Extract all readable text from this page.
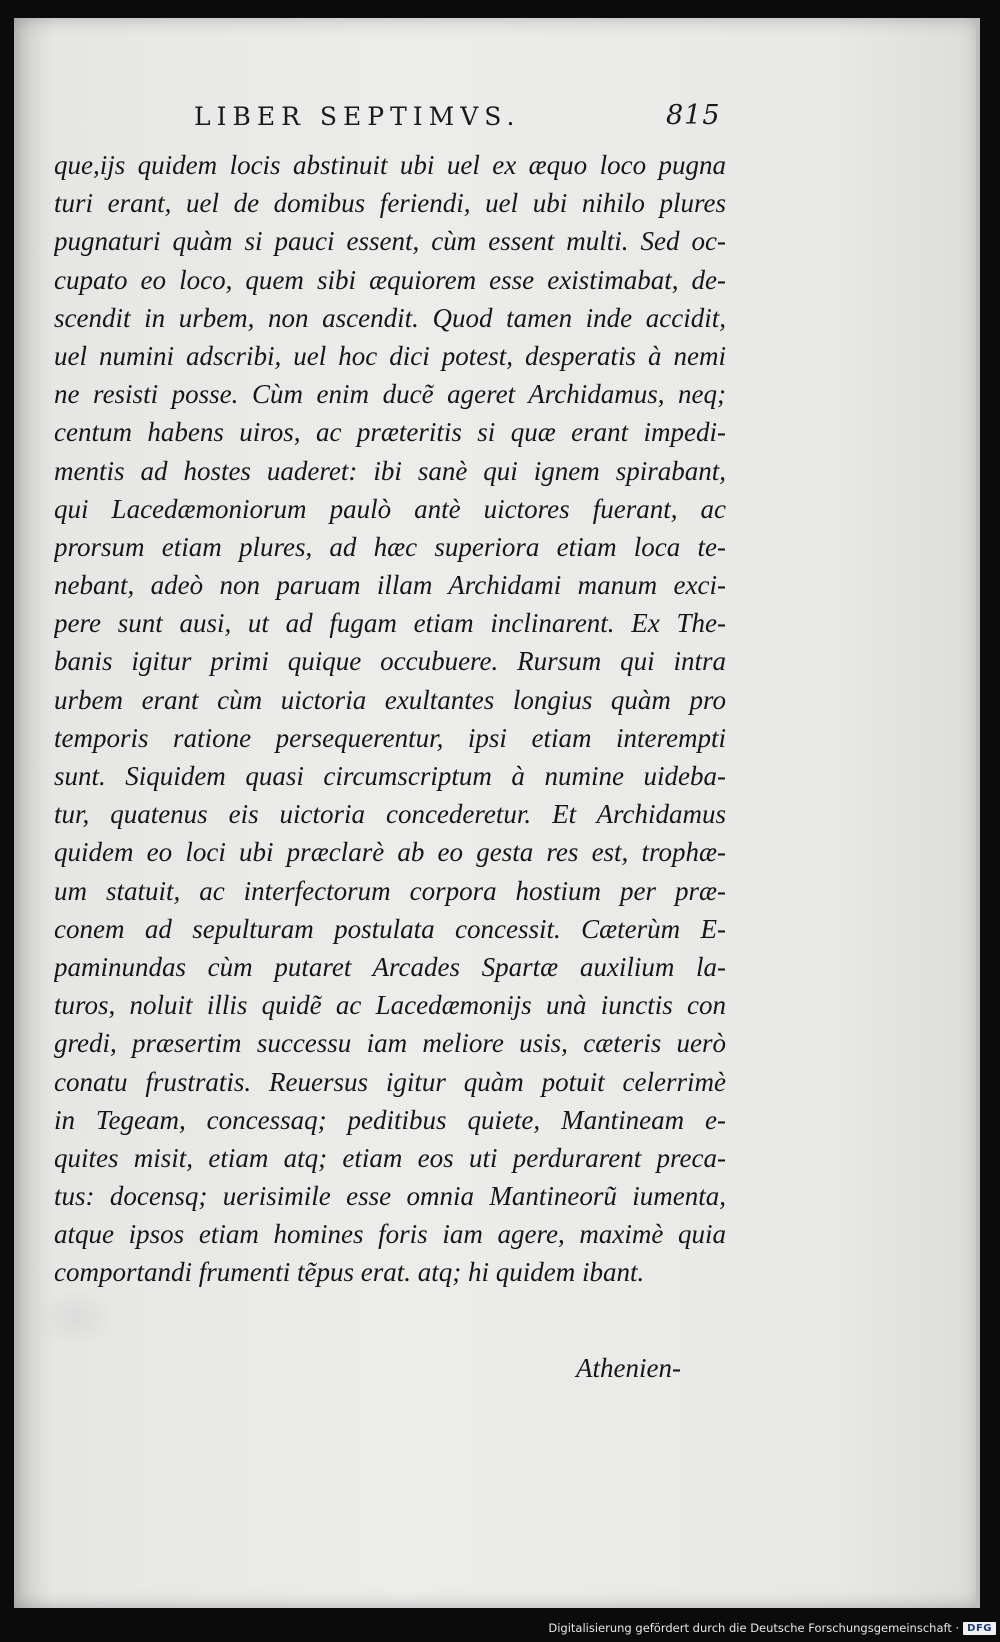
LIBER SEPTIMVS.	815
que,ijs quidem locis abstinuit ubi uel ex æquo loco pugna
turi erant, uel de domibus feriendi, uel ubi nihilo plures
pugnaturi quàm si pauci essent, cùm essent multi. Sed oc-
cupato eo loco, quem sibi æquiorem esse existimabat, de-
scendit in urbem, non ascendit. Quod tamen inde accidit,
uel numini adscribi, uel hoc dici potest, desperatis à nemi
ne resisti posse. Cùm enim ducẽ ageret Archidamus, neq;
centum habens uiros, ac præteritis si quæ erant impedi-
mentis ad hostes uaderet: ibi sanè qui ignem spirabant,
qui Lacedæmoniorum paulò antè uictores fuerant, ac
prorsum etiam plures, ad hæc superiora etiam loca te-
nebant, adeò non paruam illam Archidami manum exci-
pere sunt ausi, ut ad fugam etiam inclinarent. Ex The-
banis igitur primi quique occubuere. Rursum qui intra
urbem erant cùm uictoria exultantes longius quàm pro
temporis ratione persequerentur, ipsi etiam interempti
sunt. Siquidem quasi circumscriptum à numine uideba-
tur, quatenus eis uictoria concederetur. Et Archidamus
quidem eo loci ubi præclarè ab eo gesta res est, trophæ-
um statuit, ac interfectorum corpora hostium per præ-
conem ad sepulturam postulata concessit. Cæterùm E-
paminundas cùm putaret Arcades Spartæ auxilium la-
turos, noluit illis quidẽ ac Lacedæmonijs unà iunctis con
gredi, præsertim successu iam meliore usis, cæteris uerò
conatu frustratis. Reuersus igitur quàm potuit celerrimè
in Tegeam, concessaq; peditibus quiete, Mantineam e-
quites misit, etiam atq; etiam eos uti perdurarent preca-
tus: docensq; uerisimile esse omnia Mantineorũ iumenta,
atque ipsos etiam homines foris iam agere, maximè quia
comportandi frumenti tẽpus erat. atq; hi quidem ibant.
Athenien-
Digitalisierung gefördert durch die Deutsche Forschungsgemeinschaft · DFG
